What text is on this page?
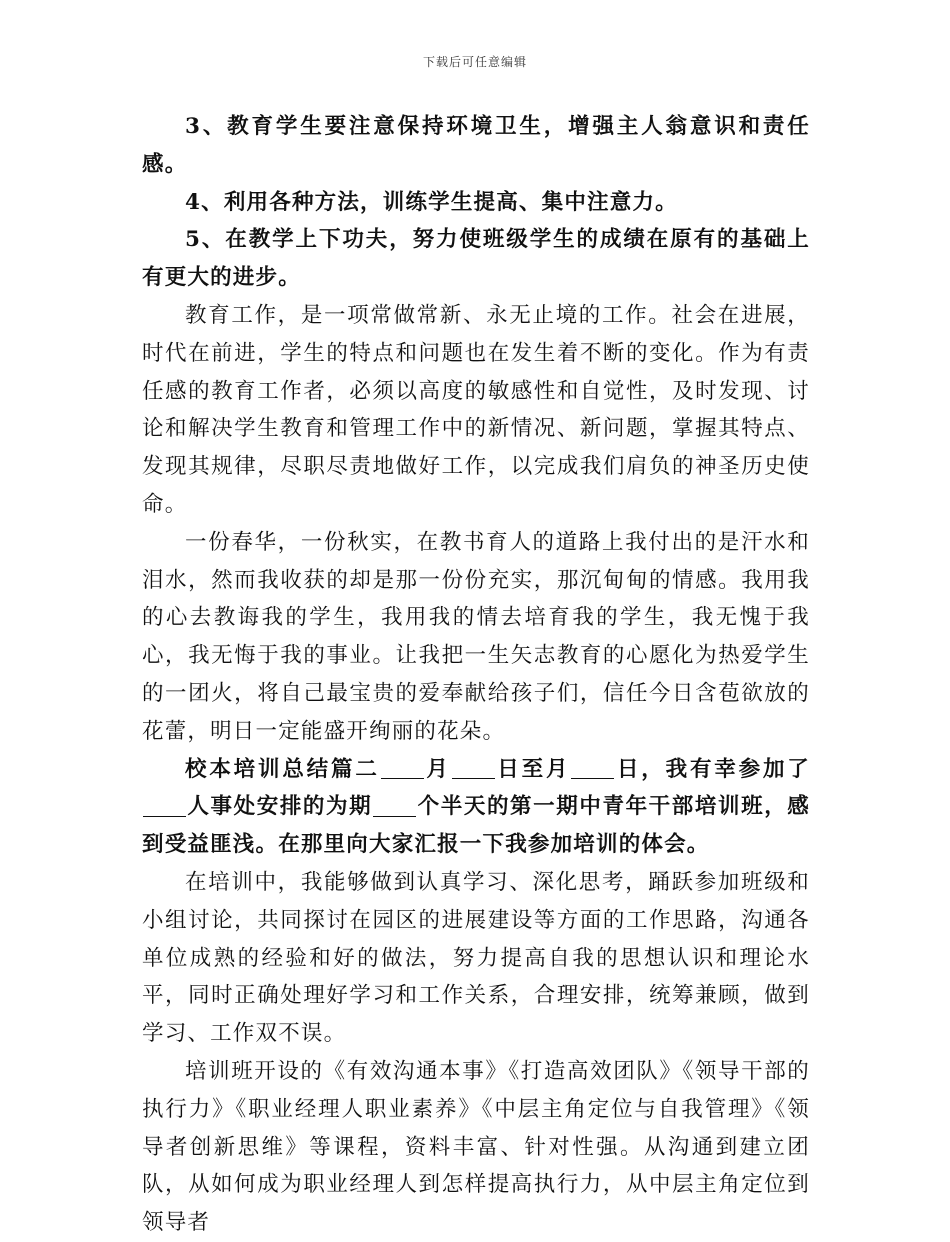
下载后可任意编辑

3、教育学生要注意保持环境卫生，增强主人翁意识和责任感。

4、利用各种方法，训练学生提高、集中注意力。

5、在教学上下功夫，努力使班级学生的成绩在原有的基础上有更大的进步。

教育工作，是一项常做常新、永无止境的工作。社会在进展，时代在前进，学生的特点和问题也在发生着不断的变化。作为有责任感的教育工作者，必须以高度的敏感性和自觉性，及时发现、讨论和解决学生教育和管理工作中的新情况、新问题，掌握其特点、发现其规律，尽职尽责地做好工作，以完成我们肩负的神圣历史使命。

一份春华，一份秋实，在教书育人的道路上我付出的是汗水和泪水，然而我收获的却是那一份份充实，那沉甸甸的情感。我用我的心去教诲我的学生，我用我的情去培育我的学生，我无愧于我心，我无悔于我的事业。让我把一生矢志教育的心愿化为热爱学生的一团火，将自己最宝贵的爱奉献给孩子们，信任今日含苞欲放的花蕾，明日一定能盛开绚丽的花朵。

校本培训总结篇二 月 日至月 日，我有幸参加了人事处安排的为期 个半天的第一期中青年干部培训班，感到受益匪浅。在那里向大家汇报一下我参加培训的体会。

在培训中，我能够做到认真学习、深化思考，踊跃参加班级和小组讨论，共同探讨在园区的进展建设等方面的工作思路，沟通各单位成熟的经验和好的做法，努力提高自我的思想认识和理论水平，同时正确处理好学习和工作关系，合理安排，统筹兼顾，做到学习、工作双不误。

培训班开设的《有效沟通本事》《打造高效团队》《领导干部的执行力》《职业经理人职业素养》《中层主角定位与自我管理》《领导者创新思维》等课程，资料丰富、针对性强。从沟通到建立团队，从如何成为职业经理人到怎样提高执行力，从中层主角定位到领导者
